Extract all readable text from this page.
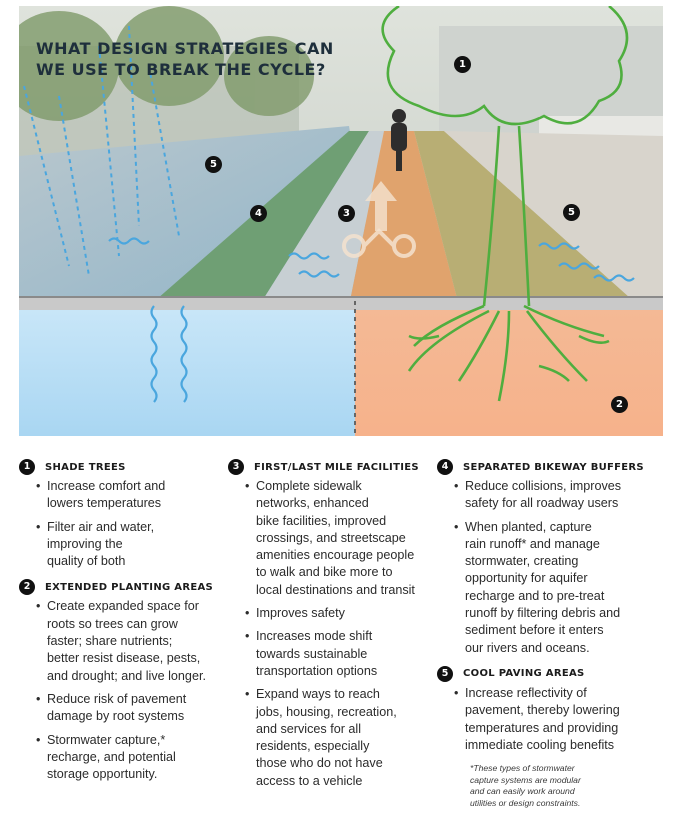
WHAT DESIGN STRATEGIES CAN
WE USE TO BREAK THE CYCLE?	1
2
3
4
5
5
1	SHADE TREES
• Increase comfort and
lowers temperatures
• Filter air and water,
improving the
quality of both
2	EXTENDED PLANTING AREAS
• Create expanded space for
roots so trees can grow
faster; share nutrients;
better resist disease, pests,
and drought; and live longer.
• Reduce risk of pavement
damage by root systems
• Stormwater capture,*
recharge, and potential
storage opportunity.
3	FIRST/LAST MILE FACILITIES
• Complete sidewalk
networks, enhanced
bike facilities, improved
crossings, and streetscape
amenities encourage people
to walk and bike more to
local destinations and transit
• Improves safety
• Increases mode shift
towards sustainable
transportation options
• Expand ways to reach
jobs, housing, recreation,
and services for all
residents, especially
those who do not have
access to a vehicle
4	SEPARATED BIKEWAY BUFFERS
• Reduce collisions, improves
safety for all roadway users
• When planted, capture
rain runoff* and manage
stormwater, creating
opportunity for aquifer
recharge and to pre-treat
runoff by filtering debris and
sediment before it enters
our rivers and oceans.
5	COOL PAVING AREAS
• Increase reflectivity of
pavement, thereby lowering
temperatures and providing
immediate cooling benefits
*These types of stormwater
capture systems are modular
and can easily work around
utilities or design constraints.
